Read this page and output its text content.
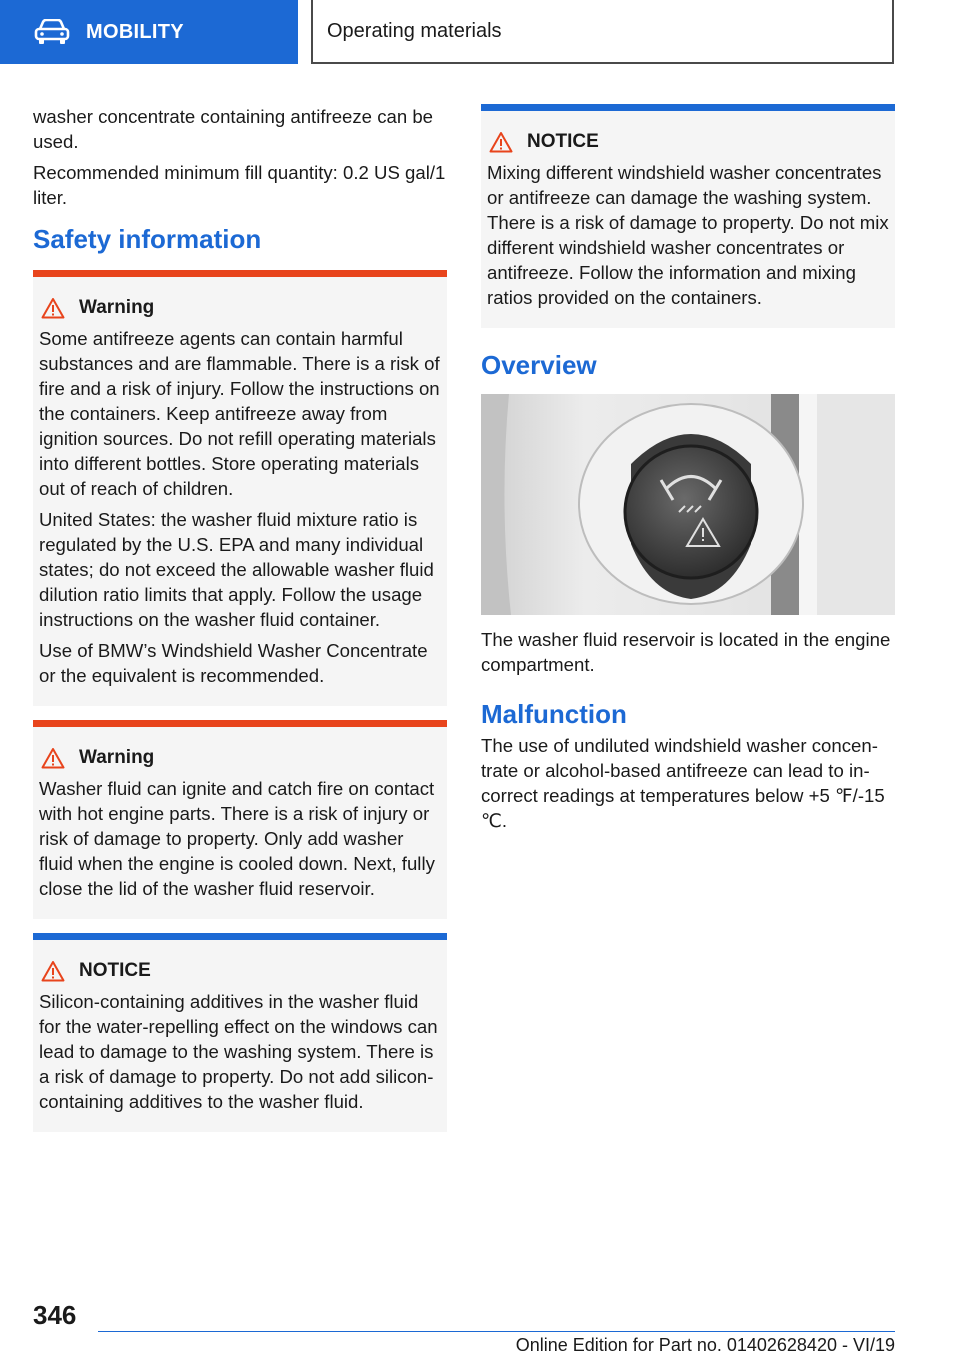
MOBILITY	Operating materials

washer concentrate containing antifreeze can be used.

Recommended minimum fill quantity: 0.2 US gal/1 liter.

Safety information
Warning

Some antifreeze agents can contain harmful substances and are flammable. There is a risk of fire and a risk of injury. Follow the instructions on the containers. Keep antifreeze away from ignition sources. Do not refill operating materials into different bottles. Store operating materials out of reach of children.

United States: the washer fluid mixture ratio is regulated by the U.S. EPA and many individual states; do not exceed the allowable washer fluid dilution ratio limits that apply. Follow the usage instructions on the washer fluid container.

Use of BMW’s Windshield Washer Concentrate or the equivalent is recommended.

Warning

Washer fluid can ignite and catch fire on contact with hot engine parts. There is a risk of injury or risk of damage to property. Only add washer fluid when the engine is cooled down. Next, fully close the lid of the washer fluid reservoir.

NOTICE

Silicon-containing additives in the washer fluid for the water-repelling effect on the windows can lead to damage to the washing system. There is a risk of damage to property. Do not add silicon-containing additives to the washer fluid.

NOTICE

Mixing different windshield washer concentrates or antifreeze can damage the washing system. There is a risk of damage to property. Do not mix different windshield washer concentrates or antifreeze. Follow the information and mixing ratios provided on the containers.

Overview

The washer fluid reservoir is located in the engine compartment.

Malfunction

The use of undiluted windshield washer concentrate or alcohol-based antifreeze can lead to incorrect readings at temperatures below +5 ℉/-15 ℃.

346
Online Edition for Part no. 01402628420 - VI/19
